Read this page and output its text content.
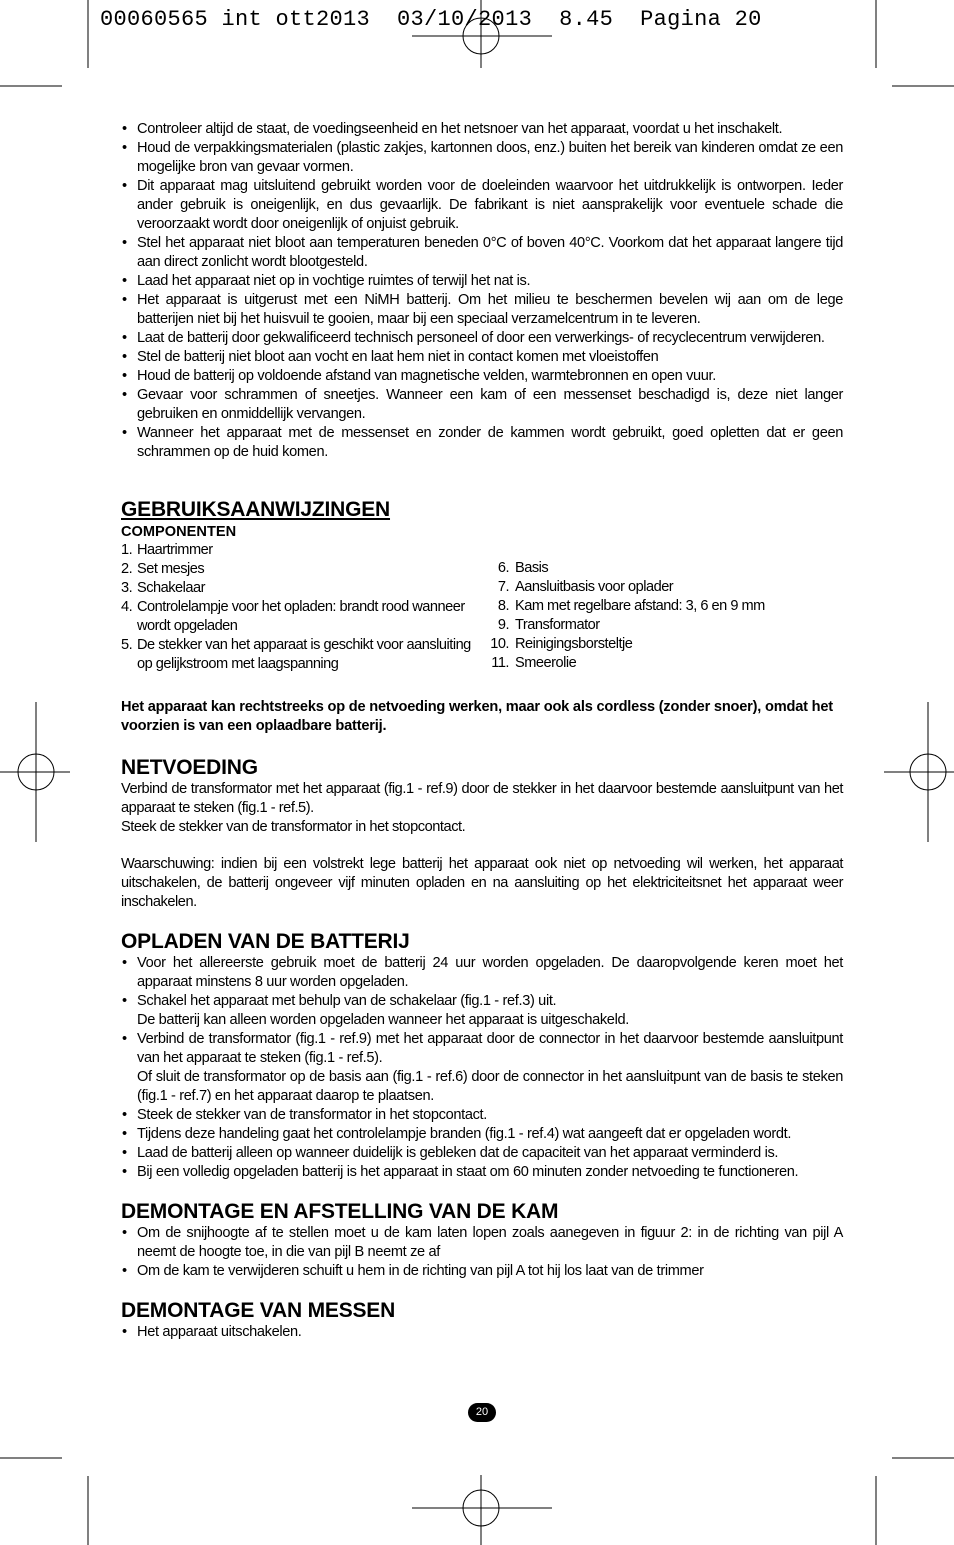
00060565 int ott2013  03/10/2013  8.45  Pagina 20
• Controleer altijd de staat, de voedingseenheid en het netsnoer van het apparaat, voordat u het inschakelt.
• Houd de verpakkingsmaterialen (plastic zakjes, kartonnen doos, enz.) buiten het bereik van kinderen omdat ze een mogelijke bron van gevaar vormen.
• Dit apparaat mag uitsluitend gebruikt worden voor de doeleinden waarvoor het uitdrukkelijk is ontworpen. Ieder ander gebruik is oneigenlijk, en dus gevaarlijk. De fabrikant is niet aansprakelijk voor eventuele schade die veroorzaakt wordt door oneigenlijk of onjuist gebruik.
• Stel het apparaat niet bloot aan temperaturen beneden 0°C of boven 40°C. Voorkom dat het apparaat langere tijd aan direct zonlicht wordt blootgesteld.
• Laad het apparaat niet op in vochtige ruimtes of terwijl het nat is.
• Het apparaat is uitgerust met een NiMH batterij. Om het milieu te beschermen bevelen wij aan om de lege batterijen niet bij het huisvuil te gooien, maar bij een speciaal verzamelcentrum in te leveren.
• Laat de batterij door gekwalificeerd technisch personeel of door een verwerkings- of recyclecentrum verwijderen.
• Stel de batterij niet bloot aan vocht en laat hem niet in contact komen met vloeistoffen
• Houd de batterij op voldoende afstand van magnetische velden, warmtebronnen en open vuur.
• Gevaar voor schrammen of sneetjes. Wanneer een kam of een messenset beschadigd is, deze niet langer gebruiken en onmiddellijk vervangen.
• Wanneer het apparaat met de messenset en zonder de kammen wordt gebruikt, goed opletten dat er geen schrammen op de huid komen.
GEBRUIKSAANWIJZINGEN
COMPONENTEN
1. Haartrimmer
2. Set mesjes
3. Schakelaar
4. Controlelampje voor het opladen: brandt rood wanneer wordt opgeladen
5. De stekker van het apparaat is geschikt voor aansluiting op gelijkstroom met laagspanning
6. Basis
7. Aansluitbasis voor oplader
8. Kam met regelbare afstand: 3, 6 en 9 mm
9. Transformator
10. Reinigingsborsteltje
11. Smeerolie

Het apparaat kan rechtstreeks op de netvoeding werken, maar ook als cordless (zonder snoer), omdat het voorzien is van een oplaadbare batterij.

NETVOEDING

Verbind de transformator met het apparaat (fig.1 - ref.9) door de stekker in het daarvoor bestemde aansluitpunt van het apparaat te steken (fig.1 - ref.5).

Steek de stekker van de transformator in het stopcontact.

Waarschuwing: indien bij een volstrekt lege batterij het apparaat ook niet op netvoeding wil werken, het apparaat uitschakelen, de batterij ongeveer vijf minuten opladen en na aansluiting op het elektriciteitsnet het apparaat weer inschakelen.

OPLADEN VAN DE BATTERIJ
• Voor het allereerste gebruik moet de batterij 24 uur worden opgeladen. De daaropvolgende keren moet het apparaat minstens 8 uur worden opgeladen.
• Schakel het apparaat met behulp van de schakelaar (fig.1 - ref.3) uit.
De batterij kan alleen worden opgeladen wanneer het apparaat is uitgeschakeld.
• Verbind de transformator (fig.1 - ref.9) met het apparaat door de connector in het daarvoor bestemde aansluitpunt van het apparaat te steken (fig.1 - ref.5).
Of sluit de transformator op de basis aan (fig.1 - ref.6) door de connector in het aansluitpunt van de basis te steken (fig.1 - ref.7) en het apparaat daarop te plaatsen.
• Steek de stekker van de transformator in het stopcontact.
• Tijdens deze handeling gaat het controlelampje branden (fig.1 - ref.4) wat aangeeft dat er opgeladen wordt.
• Laad de batterij alleen op wanneer duidelijk is gebleken dat de capaciteit van het apparaat verminderd is.
• Bij een volledig opgeladen batterij is het apparaat in staat om 60 minuten zonder netvoeding te functioneren.
DEMONTAGE EN AFSTELLING VAN DE KAM
• Om de snijhoogte af te stellen moet u de kam laten lopen zoals aanegeven in figuur 2: in de richting van pijl A neemt de hoogte toe, in die van pijl B neemt ze af
• Om de kam te verwijderen schuift u hem in de richting van pijl A tot hij los laat van de trimmer
DEMONTAGE VAN MESSEN
• Het apparaat uitschakelen.
20
